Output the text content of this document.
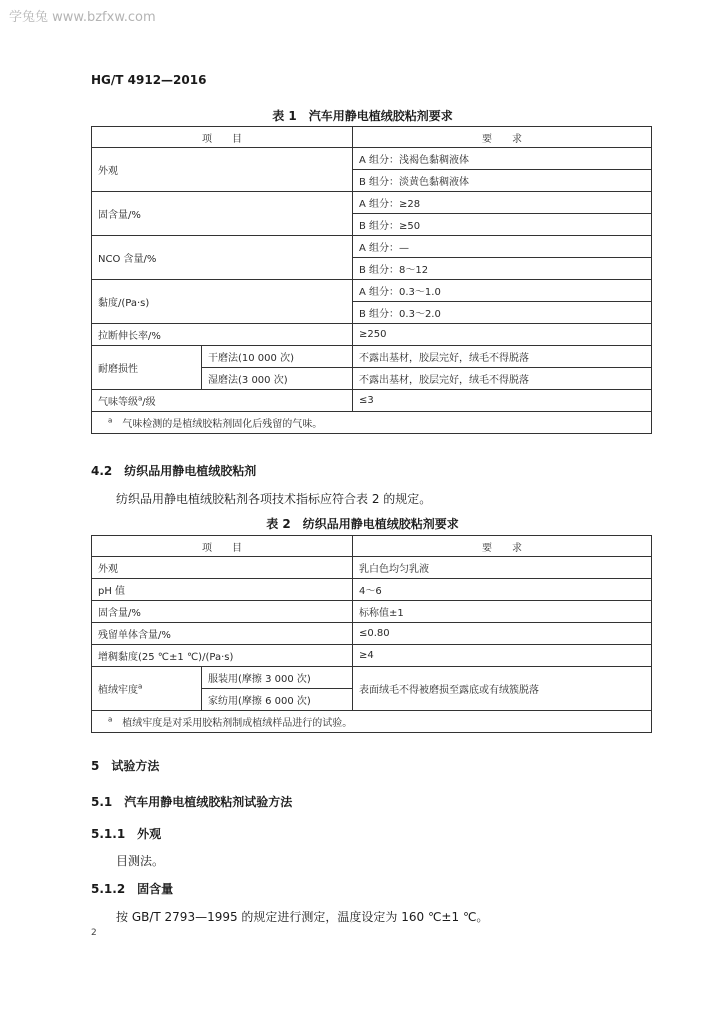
学兔兔 www.bzfxw.com
HG/T 4912—2016
表 1　汽车用静电植绒胶粘剂要求
项　　目		要　　求
外观		A 组分：浅褐色黏稠液体
		B 组分：淡黄色黏稠液体
固含量/%		A 组分：≥28
		B 组分：≥50
NCO 含量/%		A 组分：—
		B 组分：8～12
黏度/(Pa·s)		A 组分：0.3～1.0
		B 组分：0.3～2.0
拉断伸长率/%		≥250
耐磨损性	干磨法(10 000 次)	不露出基材，胶层完好，绒毛不得脱落
	湿磨法(3 000 次)	不露出基材，胶层完好，绒毛不得脱落
气味等级$^a$/级		≤3
$^a$　 气味检测的是植绒胶粘剂固化后残留的气味。		
4.2　纺织品用静电植绒胶粘剂
纺织品用静电植绒胶粘剂各项技术指标应符合表 2 的规定。
表 2　纺织品用静电植绒胶粘剂要求
项　　目		要　　求
外观		乳白色均匀乳液
pH 值		4～6
固含量/%		标称值±1
残留单体含量/%		≤0.80
增稠黏度(25 ℃±1 ℃)/(Pa·s)		≥4
植绒牢度$^a$	服装用(摩擦 3 000 次)	表面绒毛不得被磨损至露底或有绒簇脱落
	家纺用(摩擦 6 000 次)	
$^a$　 植绒牢度是对采用胶粘剂制成植绒样品进行的试验。		
5　试验方法
5.1　汽车用静电植绒胶粘剂试验方法
5.1.1　外观
目测法。
5.1.2　固含量
按 GB/T 2793—1995 的规定进行测定，温度设定为 160 ℃±1 ℃。
2
